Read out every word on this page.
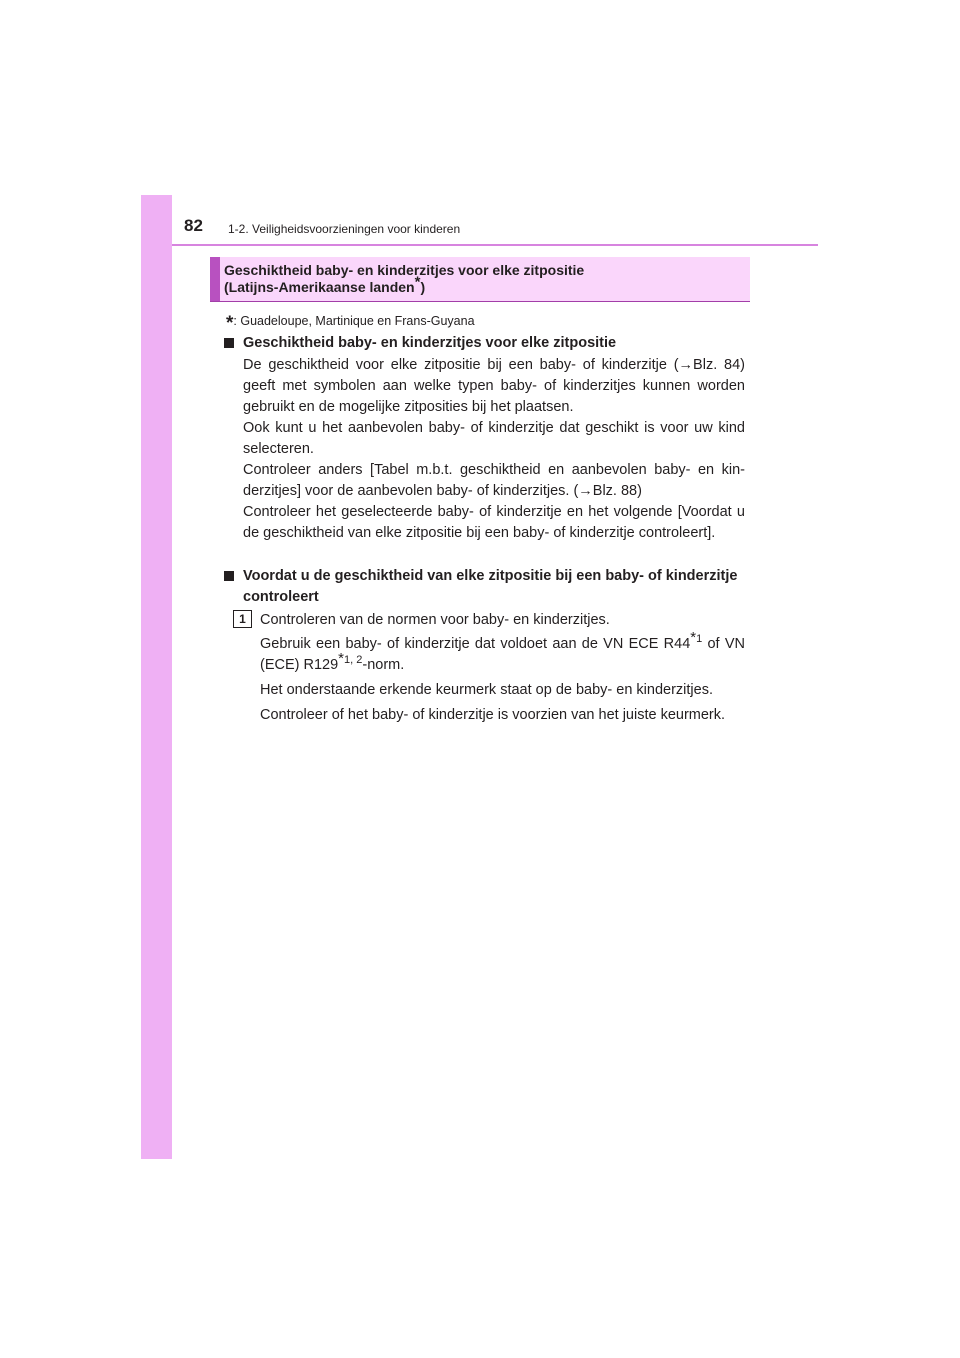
82 1-2. Veiligheidsvoorzieningen voor kinderen
Geschiktheid baby- en kinderzitjes voor elke zitpositie
(Latijns-Amerikaanse landen*)
*: Guadeloupe, Martinique en Frans-Guyana
Geschiktheid baby- en kinderzitjes voor elke zitpositie
De geschiktheid voor elke zitpositie bij een baby- of kinderzitje (→Blz. 84) geeft met symbolen aan welke typen baby- of kinderzitjes kunnen worden gebruikt en de mogelijke zitposities bij het plaatsen.
Ook kunt u het aanbevolen baby- of kinderzitje dat geschikt is voor uw kind selecteren.
Controleer anders [Tabel m.b.t. geschiktheid en aanbevolen baby- en kinderzitjes] voor de aanbevolen baby- of kinderzitjes. (→Blz. 88)
Controleer het geselecteerde baby- of kinderzitje en het volgende [Voordat u de geschiktheid van elke zitpositie bij een baby- of kinderzitje controleert].
Voordat u de geschiktheid van elke zitpositie bij een baby- of kinderzitje controleert
1 Controleren van de normen voor baby- en kinderzitjes.
Gebruik een baby- of kinderzitje dat voldoet aan de VN ECE R44$^{*1}$ of VN (ECE) R129$^{*1, 2}$-norm.
Het onderstaande erkende keurmerk staat op de baby- en kinderzitjes.
Controleer of het baby- of kinderzitje is voorzien van het juiste keurmerk.
